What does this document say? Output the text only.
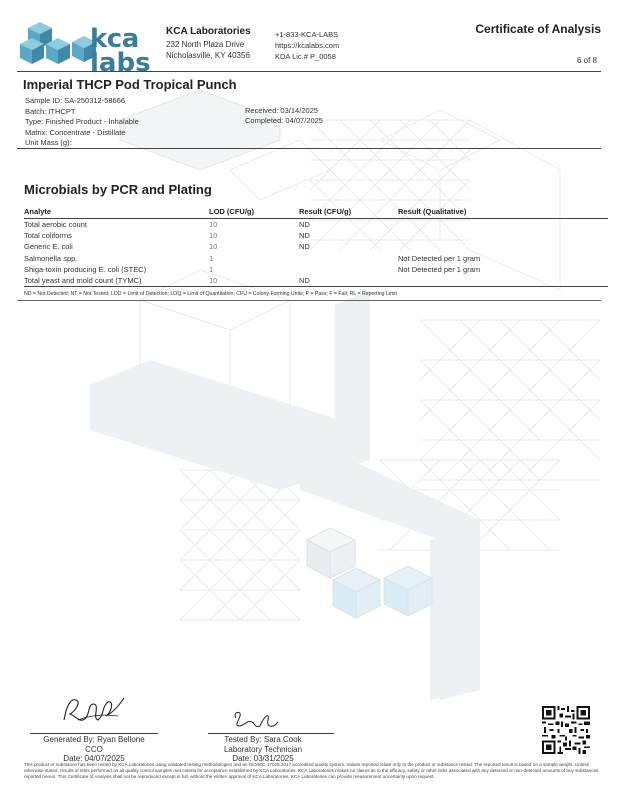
kca
labs
KCA Laboratories
232 North Plaza Drive
Nicholasville, KY 40356
+1-833-KCA-LABS
https://kcalabs.com
KDA Lic.# P_0058
Certificate of Analysis
6 of 8
Imperial THCP Pod Tropical Punch
Sample ID: SA-250312-58666
Batch: ITHCPT
Type: Finished Product - Inhalable
Matrix: Concentrate - Distillate
Unit Mass (g):
Received: 03/14/2025
Completed: 04/07/2025
Microbials by PCR and Plating
Analyte	LOD (CFU/g)	Result (CFU/g)	Result (Qualitative)
Total aerobic count	10	ND	
Total coliforms	10	ND	
Generic E. coli	10	ND	
Salmonella spp.	1		Not Detected per 1 gram
Shiga-toxin producing E. coli (STEC)	1		Not Detected per 1 gram
Total yeast and mold count (TYMC)	10	ND	
ND = Not Detected; NT = Not Tested; LOD = Limit of Detection; LOQ = Limit of Quantitation; CFU = Colony Forming Units; P = Pass; F = Fail; RL = Reporting Limit
Generated By: Ryan Bellone
CCO
Date: 04/07/2025
Tested By: Sara Cook
Laboratory Technician
Date: 03/31/2025
This product or substance has been tested by KCA Laboratories using validated testing methodologies and an ISO/IEC 17025:2017 accredited quality system. Values reported relate only to the product or substance tested. The reported result is based on a sample weight. Unless otherwise stated, results of tests performed on all quality control samples met criteria for acceptance established by KCA Laboratories. KCA Laboratories makes no claims as to the efficacy, safety or other risks associated with any detected or non-detected amounts of any substances reported herein. This Certificate of Analysis shall not be reproduced except in full, without the written approval of KCA Laboratories. KCA Laboratories can provide measurement uncertainty upon request.
